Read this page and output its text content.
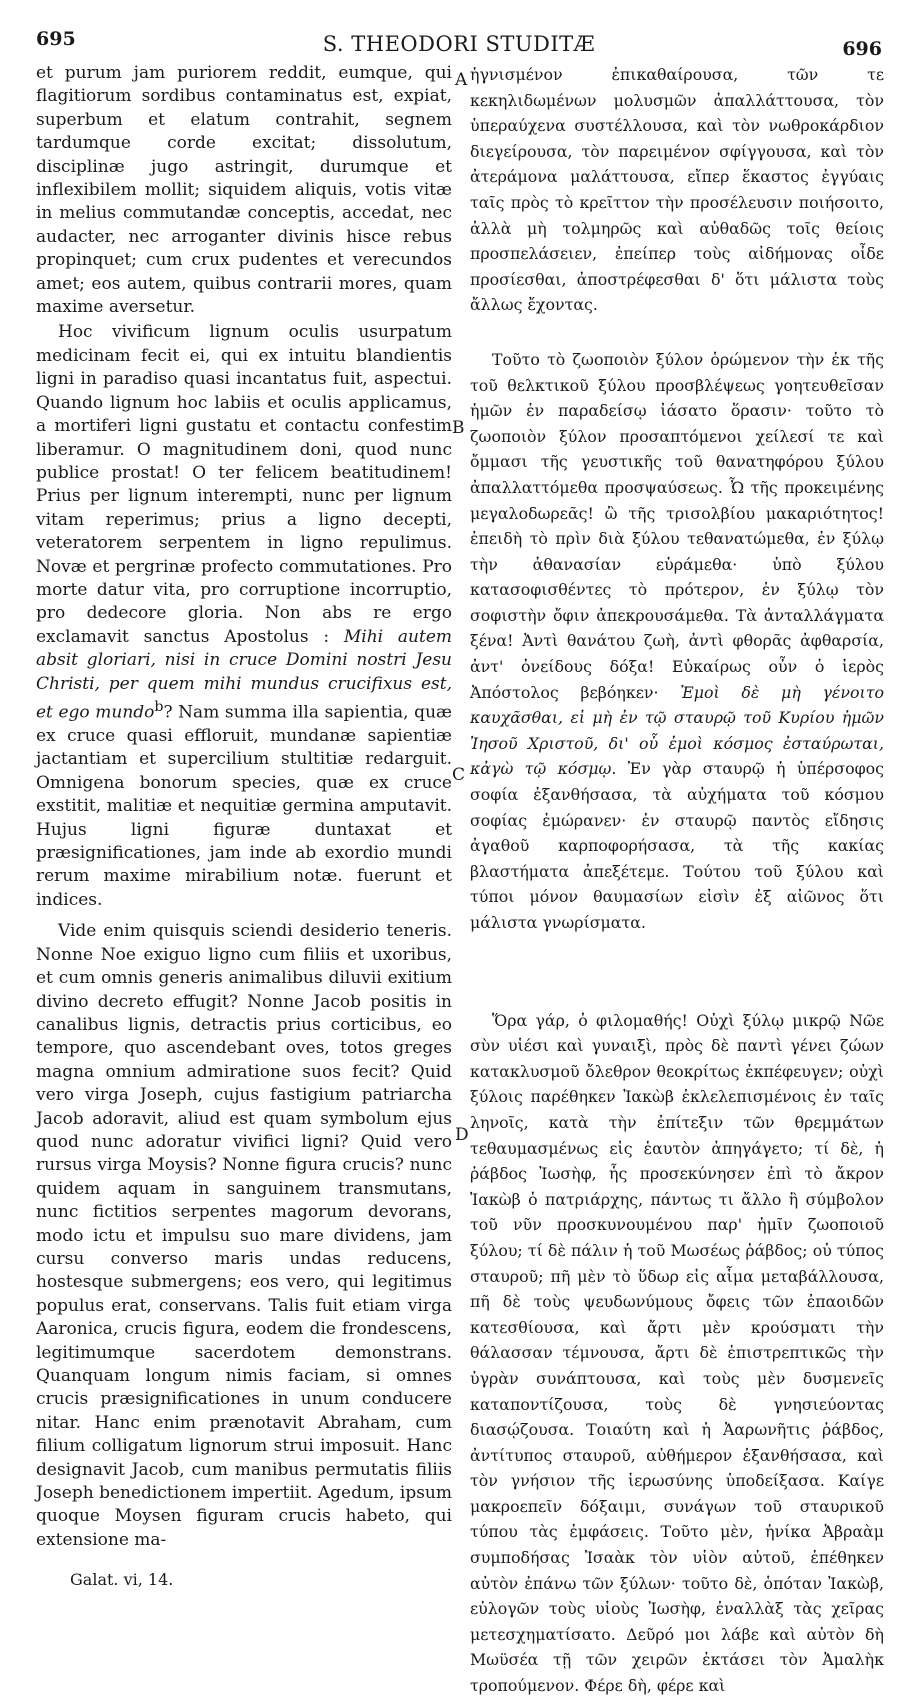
695	S. THEODORI STUDITÆ	696
A
B
C
D

et purum jam puriorem reddit, eumque, qui flagitiorum sordibus contaminatus est, expiat, superbum et elatum contrahit, segnem tardumque corde excitat; dissolutum, disciplinæ jugo astringit, durumque et inflexibilem mollit; siquidem aliquis, votis vitæ in melius commutandæ conceptis, accedat, nec audacter, nec arroganter divinis hisce rebus propinquet; cum crux pudentes et verecundos amet; eos autem, quibus contrarii mores, quam maxime aversetur.

Hoc vivificum lignum oculis usurpatum medicinam fecit ei, qui ex intuitu blandientis ligni in paradiso quasi incantatus fuit, aspectui. Quando lignum hoc labiis et oculis applicamus, a mortiferi ligni gustatu et contactu confestim liberamur. O magnitudinem doni, quod nunc publice prostat! O ter felicem beatitudinem! Prius per lignum interempti, nunc per lignum vitam reperimus; prius a ligno decepti, veteratorem serpentem in ligno repulimus. Novæ et pergrinæ profecto commutationes. Pro morte datur vita, pro corruptione incorruptio, pro dedecore gloria. Non abs re ergo exclamavit sanctus Apostolus : Mihi autem absit gloriari, nisi in cruce Domini nostri Jesu Christi, per quem mihi mundus crucifixus est, et ego mundo$^b$? Nam summa illa sapientia, quæ ex cruce quasi effloruit, mundanæ sapientiæ jactantiam et supercilium stultitiæ redarguit. Omnigena bonorum species, quæ ex cruce exstitit, malitiæ et nequitiæ germina amputavit. Hujus ligni figuræ duntaxat et præsignificationes, jam inde ab exordio mundi rerum maxime mirabilium notæ. fuerunt et indices.

Vide enim quisquis sciendi desiderio teneris. Nonne Noe exiguo ligno cum filiis et uxoribus, et cum omnis generis animalibus diluvii exitium divino decreto effugit? Nonne Jacob positis in canalibus lignis, detractis prius corticibus, eo tempore, quo ascendebant oves, totos greges magna omnium admiratione suos fecit? Quid vero virga Joseph, cujus fastigium patriarcha Jacob adoravit, aliud est quam symbolum ejus quod nunc adoratur vivifici ligni? Quid vero rursus virga Moysis? Nonne figura crucis? nunc quidem aquam in sanguinem transmutans, nunc fictitios serpentes magorum devorans, modo ictu et impulsu suo mare dividens, jam cursu converso maris undas reducens, hostesque submergens; eos vero, qui legitimus populus erat, conservans. Talis fuit etiam virga Aaronica, crucis figura, eodem die frondescens, legitimumque sacerdotem demonstrans. Quanquam longum nimis faciam, si omnes crucis præsignificationes in unum conducere nitar. Hanc enim prænotavit Abraham, cum filium colligatum lignorum strui imposuit. Hanc designavit Jacob, cum manibus permutatis filiis Joseph benedictionem impertiit. Agedum, ipsum quoque Moysen figuram crucis habeto, qui extensione ma-

Galat. vi, 14.

ἡγνισμένον ἐπικαθαίρουσα, τῶν τε κεκηλιδωμένων μολυσμῶν ἀπαλλάττουσα, τὸν ὑπεραύχενα συστέλλουσα, καὶ τὸν νωθροκάρδιον διεγείρουσα, τὸν παρειμένον σφίγγουσα, καὶ τὸν ἀτεράμονα μαλάττουσα, εἴπερ ἕκαστος ἐγγύαις ταῖς πρὸς τὸ κρεῖττον τὴν προσέλευσιν ποιήσοιτο, ἀλλὰ μὴ τολμηρῶς καὶ αὐθαδῶς τοῖς θείοις προσπελάσειεν, ἐπείπερ τοὺς αἰδήμονας οἶδε προσίεσθαι, ἀποστρέφεσθαι δ' ὅτι μάλιστα τοὺς ἄλλως ἔχοντας.

Τοῦτο τὸ ζωοποιὸν ξύλον ὁρώμενον τὴν ἐκ τῆς τοῦ θελκτικοῦ ξύλου προσβλέψεως γοητευθεῖσαν ἡμῶν ἐν παραδείσῳ ἰάσατο ὅρασιν· τοῦτο τὸ ζωοποιὸν ξύλον προσαπτόμενοι χείλεσί τε καὶ ὄμμασι τῆς γευστικῆς τοῦ θανατηφόρου ξύλου ἀπαλλαττόμεθα προσψαύσεως. Ὦ τῆς προκειμένης μεγαλοδωρεᾶς! ὢ τῆς τρισολβίου μακαριότητος! ἐπειδὴ τὸ πρὶν διὰ ξύλου τεθανατώμεθα, ἐν ξύλῳ τὴν ἀθανασίαν εὑράμεθα· ὑπὸ ξύλου κατασοφισθέντες τὸ πρότερον, ἐν ξύλῳ τὸν σοφιστὴν ὄφιν ἀπεκρουσάμεθα. Τὰ ἀνταλλάγματα ξένα! Ἀντὶ θανάτου ζωὴ, ἀντὶ φθορᾶς ἀφθαρσία, ἀντ' ὀνείδους δόξα! Εὐκαίρως οὖν ὁ ἱερὸς Ἀπόστολος βεβόηκεν· Ἐμοὶ δὲ μὴ γένοιτο καυχᾶσθαι, εἰ μὴ ἐν τῷ σταυρῷ τοῦ Κυρίου ἡμῶν Ἰησοῦ Χριστοῦ, δι' οὗ ἐμοὶ κόσμος ἐσταύρωται, κἀγὼ τῷ κόσμῳ. Ἐν γὰρ σταυρῷ ἡ ὑπέρσοφος σοφία ἐξανθήσασα, τὰ αὐχήματα τοῦ κόσμου σοφίας ἐμώρανεν· ἐν σταυρῷ παντὸς εἴδησις ἀγαθοῦ καρποφορήσασα, τὰ τῆς κακίας βλαστήματα ἀπεξέτεμε. Τούτου τοῦ ξύλου καὶ τύποι μόνον θαυμασίων εἰσὶν ἐξ αἰῶνος ὅτι μάλιστα γνωρίσματα.

Ὅρα γάρ, ὁ φιλομαθής! Οὐχὶ ξύλῳ μικρῷ Νῶε σὺν υἱέσι καὶ γυναιξὶ, πρὸς δὲ παντὶ γένει ζώων κατακλυσμοῦ ὄλεθρον θεοκρίτως ἐκπέφευγεν; οὐχὶ ξύλοις παρέθηκεν Ἰακὼβ ἐκλελεπισμένοις ἐν ταῖς ληνοῖς, κατὰ τὴν ἐπίτεξιν τῶν θρεμμάτων τεθαυμασμένως εἰς ἑαυτὸν ἀπηγάγετο; τί δὲ, ἡ ῥάβδος Ἰωσὴφ, ἧς προσεκύνησεν ἐπὶ τὸ ἄκρον Ἰακὼβ ὁ πατριάρχης, πάντως τι ἄλλο ἢ σύμβολον τοῦ νῦν προσκυνουμένου παρ' ἡμῖν ζωοποιοῦ ξύλου; τί δὲ πάλιν ἡ τοῦ Μωσέως ῥάβδος; οὐ τύπος σταυροῦ; πῆ μὲν τὸ ὕδωρ εἰς αἷμα μεταβάλλουσα, πῆ δὲ τοὺς ψευδωνύμους ὄφεις τῶν ἐπαοιδῶν κατεσθίουσα, καὶ ἄρτι μὲν κρούσματι τὴν θάλασσαν τέμνουσα, ἄρτι δὲ ἐπιστρεπτικῶς τὴν ὑγρὰν συνάπτουσα, καὶ τοὺς μὲν δυσμενεῖς καταποντίζουσα, τοὺς δὲ γνησιεύοντας διασῴζουσα. Τοιαύτη καὶ ἡ Ἀαρωνῆτις ῥάβδος, ἀντίτυπος σταυροῦ, αὐθήμερον ἐξανθήσασα, καὶ τὸν γνήσιον τῆς ἱερωσύνης ὑποδείξασα. Καίγε μακροεπεῖν δόξαιμι, συνάγων τοῦ σταυρικοῦ τύπου τὰς ἐμφάσεις. Τοῦτο μὲν, ἡνίκα Ἀβραὰμ συμποδήσας Ἰσαὰκ τὸν υἱὸν αὐτοῦ, ἐπέθηκεν αὐτὸν ἐπάνω τῶν ξύλων· τοῦτο δὲ, ὁπόταν Ἰακὼβ, εὐλογῶν τοὺς υἱοὺς Ἰωσὴφ, ἐναλλὰξ τὰς χεῖρας μετεσχηματίσατο. Δεῦρό μοι λάβε καὶ αὐτὸν δὴ Μωϋσέα τῇ τῶν χειρῶν ἐκτάσει τὸν Ἀμαλὴκ τροπούμενον. Φέρε δὴ, φέρε καὶ
